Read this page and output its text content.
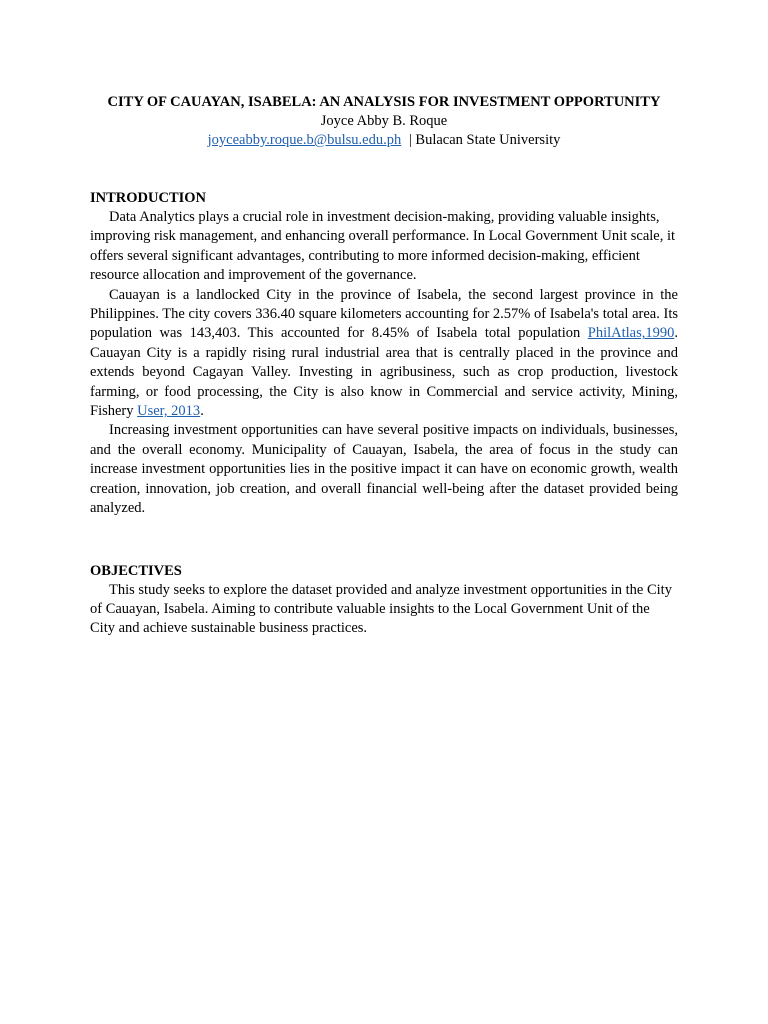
CITY OF CAUAYAN, ISABELA: AN ANALYSIS FOR INVESTMENT OPPORTUNITY
Joyce Abby B. Roque
joyceabby.roque.b@bulsu.edu.ph | Bulacan State University
INTRODUCTION

Data Analytics plays a crucial role in investment decision-making, providing valuable insights, improving risk management, and enhancing overall performance. In Local Government Unit scale, it offers several significant advantages, contributing to more informed decision-making, efficient resource allocation and improvement of the governance.

Cauayan is a landlocked City in the province of Isabela, the second largest province in the Philippines. The city covers 336.40 square kilometers accounting for 2.57% of Isabela's total area. Its population was 143,403. This accounted for 8.45% of Isabela total population PhilAtlas,1990. Cauayan City is a rapidly rising rural industrial area that is centrally placed in the province and extends beyond Cagayan Valley. Investing in agribusiness, such as crop production, livestock farming, or food processing, the City is also know in Commercial and service activity, Mining, Fishery User, 2013.

Increasing investment opportunities can have several positive impacts on individuals, businesses, and the overall economy. Municipality of Cauayan, Isabela, the area of focus in the study can increase investment opportunities lies in the positive impact it can have on economic growth, wealth creation, innovation, job creation, and overall financial well-being after the dataset provided being analyzed.

OBJECTIVES

This study seeks to explore the dataset provided and analyze investment opportunities in the City of Cauayan, Isabela. Aiming to contribute valuable insights to the Local Government Unit of the City and achieve sustainable business practices.
